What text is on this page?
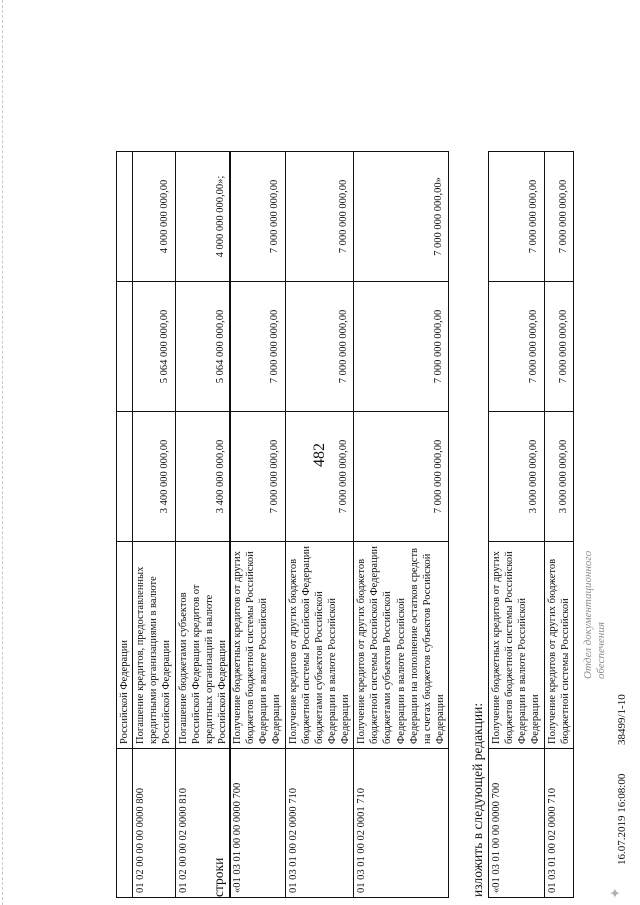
482
	Российской Федерации			
01 02 00 00 00 0000 800	Погашение кредитов, предоставленных кредитными организациями в валюте Российской Федерации	3 400 000 000,00	5 064 000 000,00	4 000 000 000,00
01 02 00 00 02 0000 810	Погашение бюджетами субъектов Российской Федерации кредитов от кредитных организаций в валюте Российской Федерации	3 400 000 000,00	5 064 000 000,00	4 000 000 000,00»;
строки «01 03 01 00 00 0000 700	Получение бюджетных кредитов от других бюджетов бюджетной системы Российской Федерации в валюте Российской Федерации	7 000 000 000,00	7 000 000 000,00	7 000 000 000,00
01 03 01 00 02 0000 710	Получение кредитов от других бюджетов бюджетной системы Российской Федерации бюджетами субъектов Российской Федерации в валюте Российской Федерации	7 000 000 000,00	7 000 000 000,00	7 000 000 000,00
01 03 01 00 02 0001 710	Получение кредитов от других бюджетов бюджетной системы Российской Федерации бюджетами субъектов Российской Федерации в валюте Российской Федерации на пополнение остатков средств на счетах бюджетов субъектов Российской Федерации	7 000 000 000,00	7 000 000 000,00	7 000 000 000,00»
изложить в следующей редакции: «01 03 01 00 00 0000 700	Получение бюджетных кредитов от других бюджетов бюджетной системы Российской Федерации в валюте Российской Федерации	3 000 000 000,00	7 000 000 000,00	7 000 000 000,00
01 03 01 00 02 0000 710	Получение кредитов от других бюджетов бюджетной системы Российской	3 000 000 000,00	7 000 000 000,00	7 000 000 000,00
✦
16.07.2019 16:08:00
38499/1-10
Отдел документационного обеспечения
